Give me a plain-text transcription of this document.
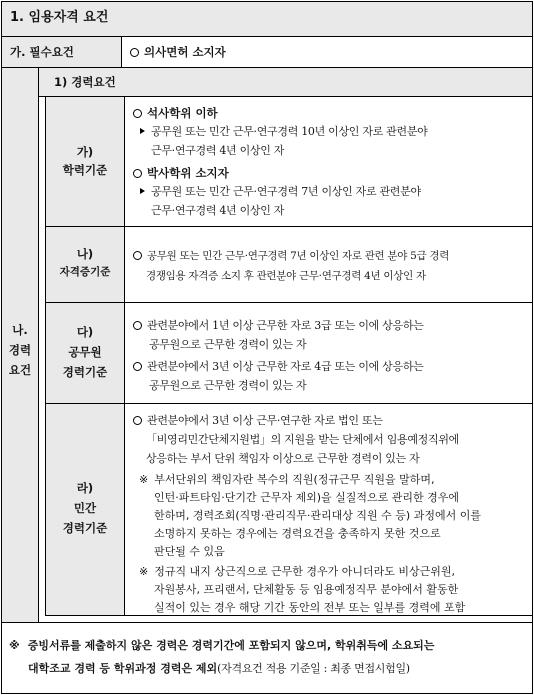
1. 임용자격 요건
가. 필수요건	의사면허 소지자
나.
경력
요건
1) 경력요건
가)
학력기준
석사학위 이하
공무원 또는 민간 근무·연구경력 10년 이상인 자로 관련분야
근무·연구경력 4년 이상인 자
박사학위 소지자
공무원 또는 민간 근무·연구경력 7년 이상인 자로 관련분야
근무·연구경력 4년 이상인 자
나)
자격증기준
공무원 또는 민간 근무·연구경력 7년 이상인 자로 관련 분야 5급 경력
경쟁임용 자격증 소지 후 관련분야 근무·연구경력 4년 이상인 자
다)
공무원
경력기준
관련분야에서 1년 이상 근무한 자로 3급 또는 이에 상응하는
공무원으로 근무한 경력이 있는 자
관련분야에서 3년 이상 근무한 자로 4급 또는 이에 상응하는
공무원으로 근무한 경력이 있는 자
라)
민간
경력기준
관련분야에서 3년 이상 근무·연구한 자로 법인 또는
「비영리민간단체지원법」의 지원을 받는 단체에서 임용예정직위에
상응하는 부서 단위 책임자 이상으로 근무한 경력이 있는 자
※ 부서단위의 책임자란 복수의 직원(정규근무 직원을 말하며,
인턴·파트타임·단기간 근무자 제외)을 실질적으로 관리한 경우에
한하며, 경력조회(직명·관리직무·관리대상 직원 수 등) 과정에서 이를
소명하지 못하는 경우에는 경력요건을 충족하지 못한 것으로
판단될 수 있음
※ 정규직 내지 상근직으로 근무한 경우가 아니더라도 비상근위원,
자원봉사, 프리랜서, 단체활동 등 임용예정직무 분야에서 활동한
실적이 있는 경우 해당 기간 동안의 전부 또는 일부를 경력에 포함
※ 증빙서류를 제출하지 않은 경력은 경력기간에 포함되지 않으며, 학위취득에 소요되는
대학조교 경력 등 학위과정 경력은 제외(자격요건 적용 기준일 : 최종 면접시험일)
